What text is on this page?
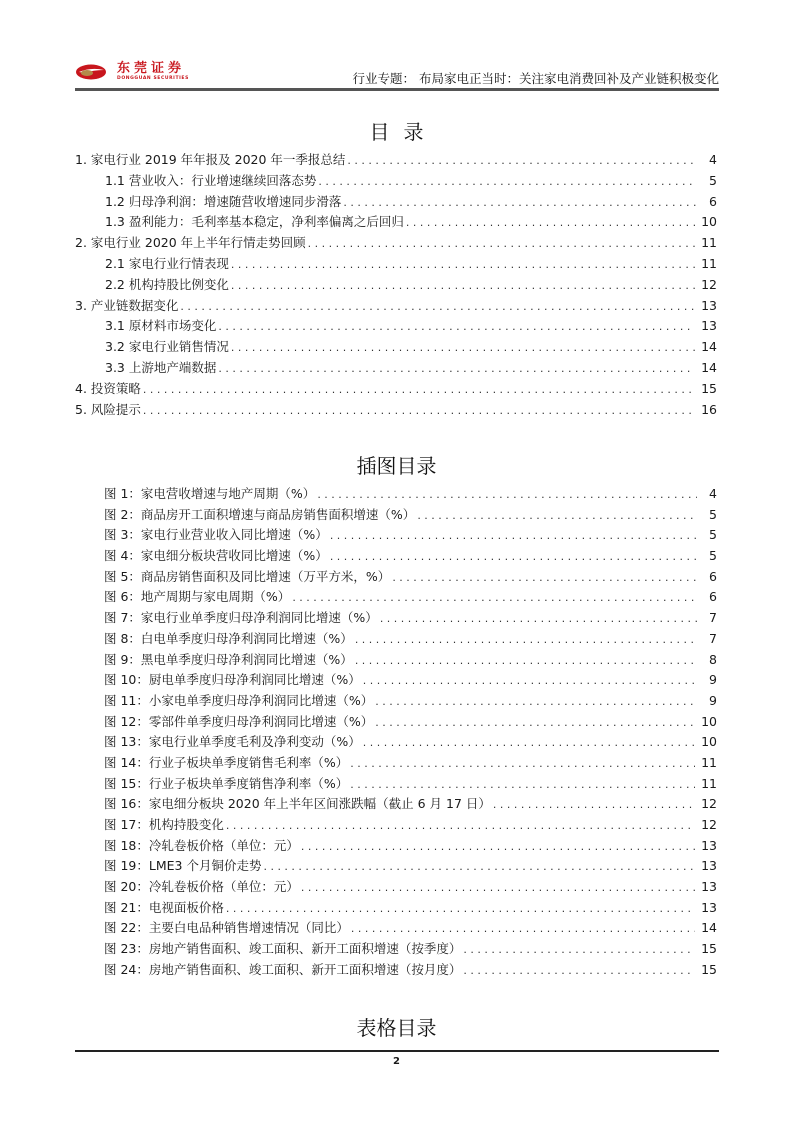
东莞证券
DONGGUAN SECURITIES	行业专题： 布局家电正当时：关注家电消费回补及产业链积极变化
目录
1. 家电行业 2019 年年报及 2020 年一季报总结 . . .	4
1.1 营业收入：行业增速继续回落态势 . . .	5
1.2 归母净利润：增速随营收增速同步滑落 . . .	6
1.3 盈利能力：毛利率基本稳定，净利率偏离之后回归 . . .	10
2. 家电行业 2020 年上半年行情走势回顾 . . .	11
2.1 家电行业行情表现 . . .	11
2.2 机构持股比例变化 . . .	12
3. 产业链数据变化 . . .	13
3.1 原材料市场变化 . . .	13
3.2 家电行业销售情况 . . .	14
3.3 上游地产端数据 . . .	14
4. 投资策略 . . .	15
5. 风险提示 . . .	16
插图目录
图 1：家电营收增速与地产周期（%） . . .	4
图 2：商品房开工面积增速与商品房销售面积增速（%） . . .	5
图 3：家电行业营业收入同比增速（%） . . .	5
图 4：家电细分板块营收同比增速（%） . . .	5
图 5：商品房销售面积及同比增速（万平方米，%） . . .	6
图 6：地产周期与家电周期（%） . . .	6
图 7：家电行业单季度归母净利润同比增速（%） . . .	7
图 8：白电单季度归母净利润同比增速（%） . . .	7
图 9：黑电单季度归母净利润同比增速（%） . . .	8
图 10：厨电单季度归母净利润同比增速（%） . . .	9
图 11：小家电单季度归母净利润同比增速（%） . . .	9
图 12：零部件单季度归母净利润同比增速（%） . . .	10
图 13：家电行业单季度毛利及净利变动（%） . . .	10
图 14：行业子板块单季度销售毛利率（%） . . .	11
图 15：行业子板块单季度销售净利率（%） . . .	11
图 16：家电细分板块 2020 年上半年区间涨跌幅（截止 6 月 17 日） . . .	12
图 17：机构持股变化 . . .	12
图 18：冷轧卷板价格（单位：元） . . .	13
图 19：LME3 个月铜价走势 . . .	13
图 20：冷轧卷板价格（单位：元） . . .	13
图 21：电视面板价格 . . .	13
图 22：主要白电品种销售增速情况（同比） . . .	14
图 23：房地产销售面积、竣工面积、新开工面积增速（按季度） . . .	15
图 24：房地产销售面积、竣工面积、新开工面积增速（按月度） . . .	15
表格目录
2
